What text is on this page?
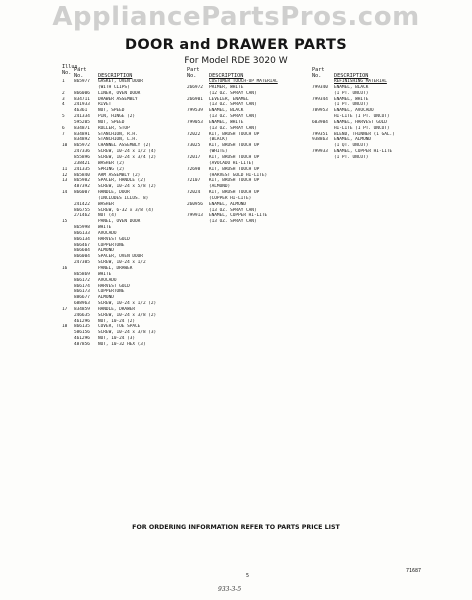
AppliancePartsPros.com
DOOR and DRAWER PARTS
For Model RDE 3020 W
Illus. No. Part No.	DESCRIPTION
1	865977	GASKET, OVEN DOOR
(WITH CLIPS)
2	866006	LINER, OVEN DOOR
3	834711	DRAWER ASSEMBLY
4	241933	RIVET
46361	NUT, SPEED
5	241334	PIN, HINGE (2)
595205	NUT, SPEED
6	834871	ROLLER, STOP
7	834891	STANCHION, R.H.
834892	STANCHION, L.H.
10	865972	CHANNEL ASSEMBLY (2)
247336	SCREW, 10-24 x 1/2 (4)
855896	SCREW, 10-24 x 3/4 (2)
238421	WASHER (2)
11	241335	SPRING (2)
12	865840	ARM ASSEMBLY (2)
13	865982	SPACER, HANDLE (2)
487392	SCREW, 10-24 x 5/8 (2)
14	866007	HANDLE, DOOR
(INCLUDES ILLUS. 8)
241422	WASHER
866755	SCREW, 6-32 x 3/8 (4)
271462	NUT (4)
15	PANEL, OVEN DOOR
865998	WHITE
866133	AVOCADO
866134	HARVEST GOLD
866467	COPPERTONE
866604	ALMOND
866004	SPACER, OVEN DOOR
247305	SCREW, 10-24 x 1/2
16	PANEL, DRAWER
865869	WHITE
866172	AVOCADO
866174	HARVEST GOLD
866173	COPPERTONE
886677	ALMOND
688963	SCREW, 10-24 x 1/2 (2)
17	834859	HANDLE, DRAWER
246635	SCREW, 10-24 x 3/8 (2)
461296	NUT, 10-24 (2)
18	866135	COVER, TOE SPACE
586156	SCREW, 10-24 x 3/8 (3)
461296	NUT, 10-24 (3)
487856	NUT, 10-32 HEX (3)
Part No.	DESCRIPTION
CUSTOMER TOUCH-UP MATERIAL
266972	PRIMER, WHITE
(12 OZ. SPRAY CAN)
266901	LEVELER, ENAMEL
(13 OZ. SPRAY CAN)
799539	ENAMEL, BLACK
(13 OZ. SPRAY CAN)
799053	ENAMEL, WHITE
(13 OZ. SPRAY CAN)
72022	KIT, BRUSH TOUCH UP
(BLACK)
73025	KIT, BRUSH TOUCH UP
(WHITE)
72017	KIT, BRUSH TOUCH UP
(AVOCADO HI-LITE)
72698	KIT, BRUSH TOUCH UP
(HARVEST GOLD HI-LITE)
72107	KIT, BRUSH TOUCH UP
(ALMOND)
72024	KIT, BRUSH TOUCH UP
(COPPER HI-LITE)
260956	ENAMEL, ALMOND
(13 OZ. SPRAY CAN)
799913	ENAMEL, COPPER HI-LITE
(13 OZ. SPRAY CAN)
Part No.	DESCRIPTION
REFINISHING MATERIAL
799340	ENAMEL, BLACK
(1 PT. UNCUT)
799344	ENAMEL, WHITE
(1 PT. UNCUT)
789953	ENAMEL, AVOCADO
HI-LITE (1 PT. UNCUT)
603904	ENAMEL, HARVEST GOLD
HI-LITE (1 PT. UNCUT)
799351	BLEND, THINNER (1 GAL.)
938863	ENAMEL, ALMOND
(1 QT. UNCUT)
799933	ENAMEL, COPPER HI-LITE
(1 PT. UNCUT)
FOR ORDERING INFORMATION REFER TO PARTS PRICE LIST
5
71687
933-3-5
